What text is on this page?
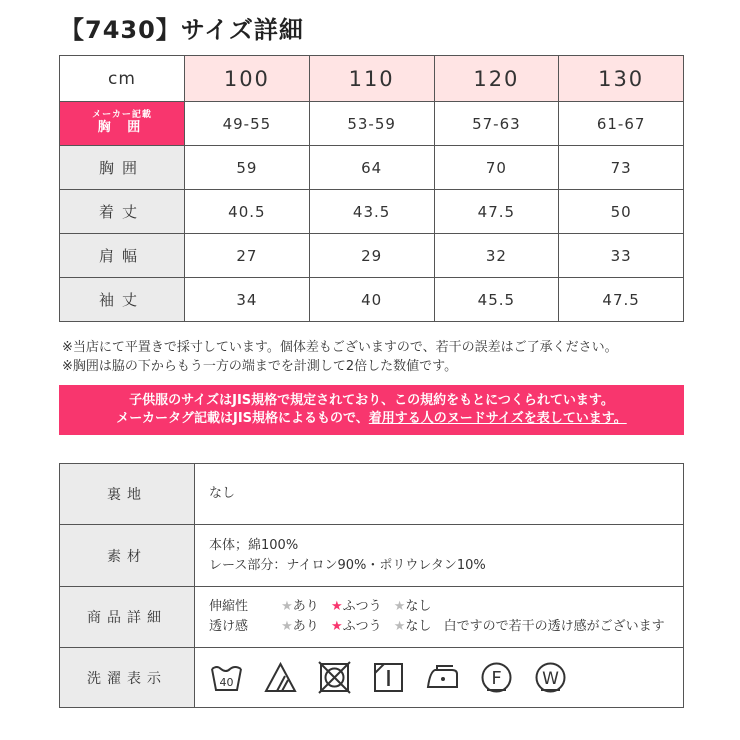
【7430】サイズ詳細
cm	100	110	120	130

メーカー記載
胸 囲	49-55	53-59	57-63	61-67
胸囲	59	64	70	73
着丈	40.5	43.5	47.5	50
肩幅	27	29	32	33
袖丈	34	40	45.5	47.5
※当店にて平置きで採寸しています。個体差もございますので、若干の誤差はご了承ください。
※胸囲は脇の下からもう一方の端までを計測して2倍した数値です。
子供服のサイズはJIS規格で規定されており、この規約をもとにつくられています。
メーカータグ記載はJIS規格によるもので、着用する人のヌードサイズを表しています。
裏地	なし
素材	本体；綿100%
レース部分：ナイロン90%・ポリウレタン10%

商品詳細	伸縮性 ★あり ★ふつう ★なし
透け感 ★あり ★ふつう ★なし 白ですので若干の透け感がございます

洗濯表示	40 F W
